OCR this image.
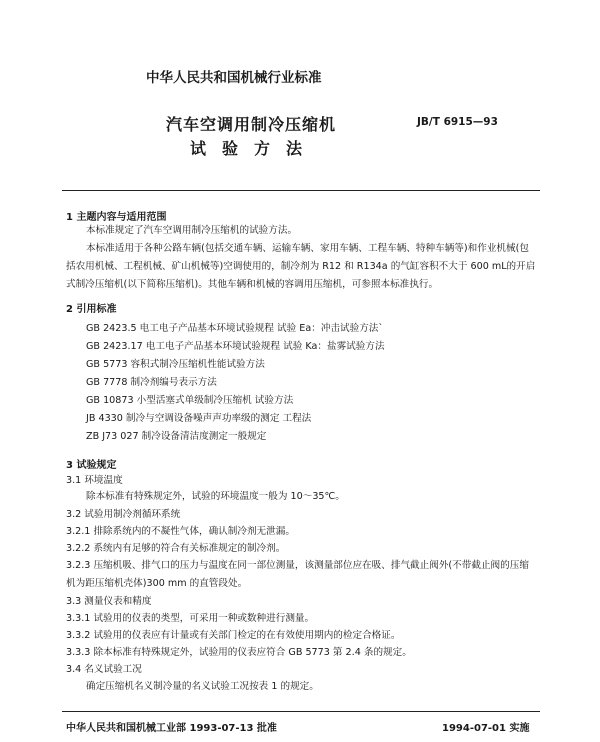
中华人民共和国机械行业标准
汽车空调用制冷压缩机	JB/T 6915—93
试验方法
1 主题内容与适用范围
本标准规定了汽车空调用制冷压缩机的试验方法。
本标准适用于各种公路车辆(包括交通车辆、运输车辆、家用车辆、工程车辆、特种车辆等)和作业机械(包括农用机械、工程机械、矿山机械等)空调使用的，制冷剂为 R12 和 R134a 的气缸容积不大于 600 mL的开启式制冷压缩机(以下简称压缩机)。其他车辆和机械的容调用压缩机，可参照本标准执行。
2 引用标准
GB 2423.5 电工电子产品基本环境试验规程 试验 Ea：冲击试验方法`
GB 2423.17 电工电子产品基本环境试验规程 试验 Ka：盐雾试验方法
GB 5773 容积式制冷压缩机性能试验方法
GB 7778 制冷剂编号表示方法
GB 10873 小型活塞式单级制冷压缩机 试验方法
JB 4330 制冷与空调设备噪声声功率级的测定 工程法
ZB J73 027 制冷设备清洁度测定一般规定
3 试验规定
3.1 环境温度
除本标准有特殊规定外，试验的环境温度一般为 10～35℃。
3.2 试验用制冷剂循环系统
3.2.1 排除系统内的不凝性气体，确认制冷剂无泄漏。
3.2.2 系统内有足够的符合有关标准规定的制冷剂。
3.2.3 压缩机吸、排气口的压力与温度在同一部位测量，该测量部位应在吸、排气截止阀外(不带截止阀的压缩机为距压缩机壳体)300 mm 的直管段处。
3.3 测量仪表和精度
3.3.1 试验用的仪表的类型，可采用一种或数种进行测量。
3.3.2 试验用的仪表应有计量或有关部门检定的在有效使用期内的检定合格证。
3.3.3 除本标准有特殊规定外，试验用的仪表应符合 GB 5773 第 2.4 条的规定。
3.4 名义试验工况
确定压缩机名义制冷量的名义试验工况按表 1 的规定。
中华人民共和国机械工业部 1993-07-13 批准	1994-07-01 实施
